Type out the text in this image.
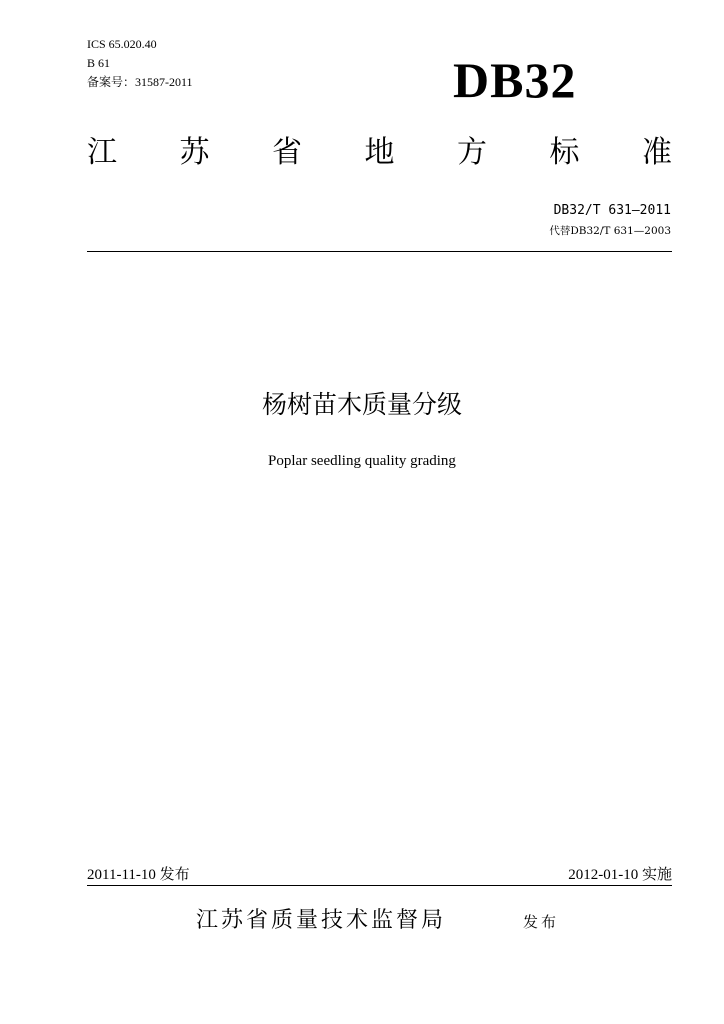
ICS 65.020.40
B 61
备案号：31587-2011	DB32
江 苏 省 地 方 标 准
DB32/T 631—2011
代替DB32/T 631—2003
杨树苗木质量分级
Poplar seedling quality grading
2011-11-10 发布	2012-01-10 实施
江苏省质量技术监督局	发布
